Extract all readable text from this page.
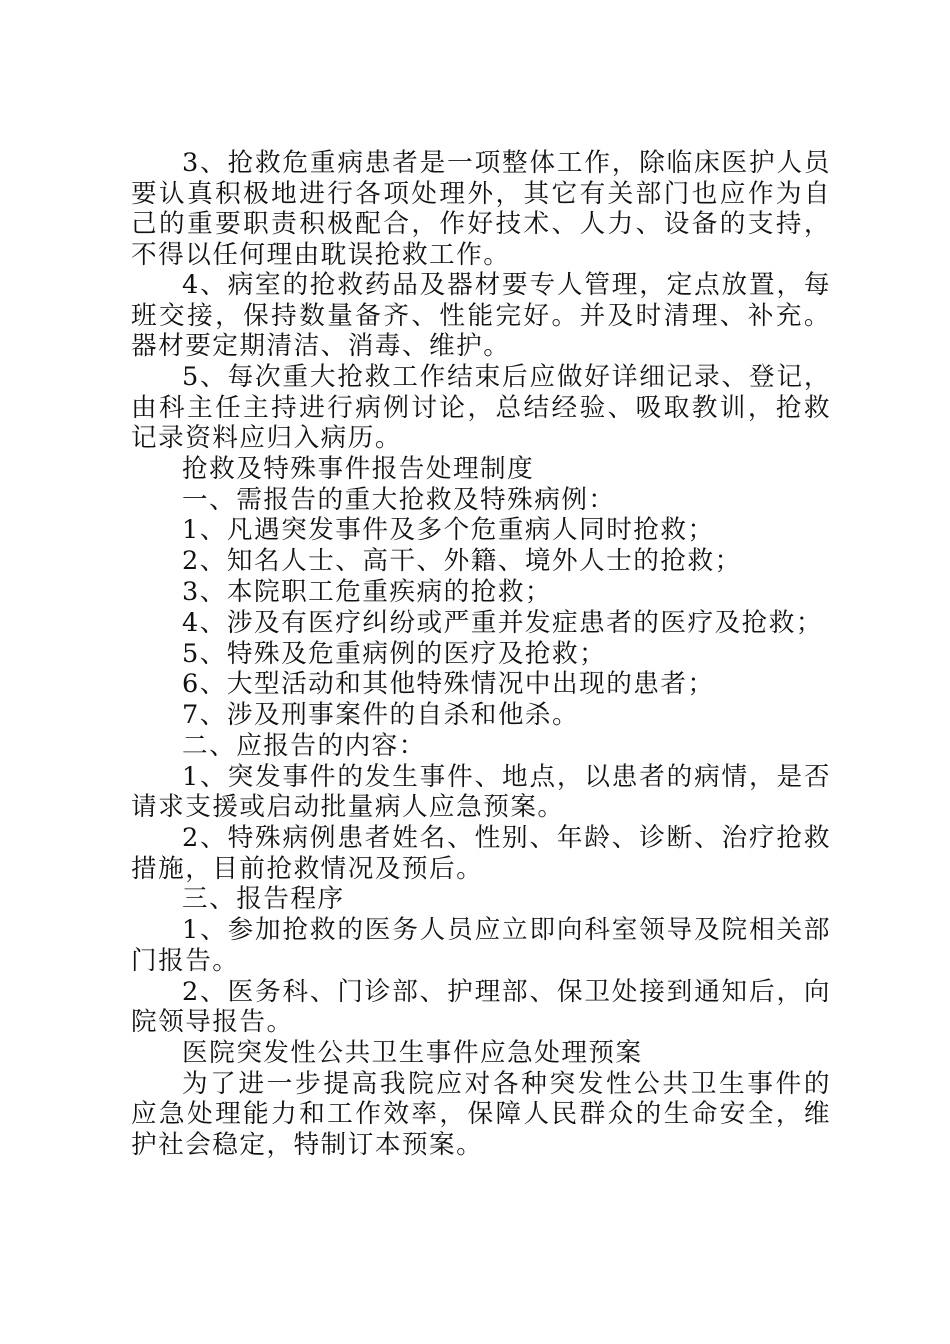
3、抢救危重病患者是一项整体工作，除临床医护人员要认真积极地进行各项处理外，其它有关部门也应作为自己的重要职责积极配合，作好技术、人力、设备的支持，不得以任何理由耽误抢救工作。

4、病室的抢救药品及器材要专人管理，定点放置，每班交接，保持数量备齐、性能完好。并及时清理、补充。器材要定期清洁、消毒、维护。

5、每次重大抢救工作结束后应做好详细记录、登记，由科主任主持进行病例讨论，总结经验、吸取教训，抢救记录资料应归入病历。

抢救及特殊事件报告处理制度

一、需报告的重大抢救及特殊病例：

1、凡遇突发事件及多个危重病人同时抢救；

2、知名人士、高干、外籍、境外人士的抢救；

3、本院职工危重疾病的抢救；

4、涉及有医疗纠纷或严重并发症患者的医疗及抢救；

5、特殊及危重病例的医疗及抢救；

6、大型活动和其他特殊情况中出现的患者；

7、涉及刑事案件的自杀和他杀。

二、应报告的内容：

1、突发事件的发生事件、地点，以患者的病情，是否请求支援或启动批量病人应急预案。

2、特殊病例患者姓名、性别、年龄、诊断、治疗抢救措施，目前抢救情况及预后。

三、报告程序

1、参加抢救的医务人员应立即向科室领导及院相关部门报告。

2、医务科、门诊部、护理部、保卫处接到通知后，向院领导报告。

医院突发性公共卫生事件应急处理预案

为了进一步提高我院应对各种突发性公共卫生事件的应急处理能力和工作效率，保障人民群众的生命安全，维护社会稳定，特制订本预案。
